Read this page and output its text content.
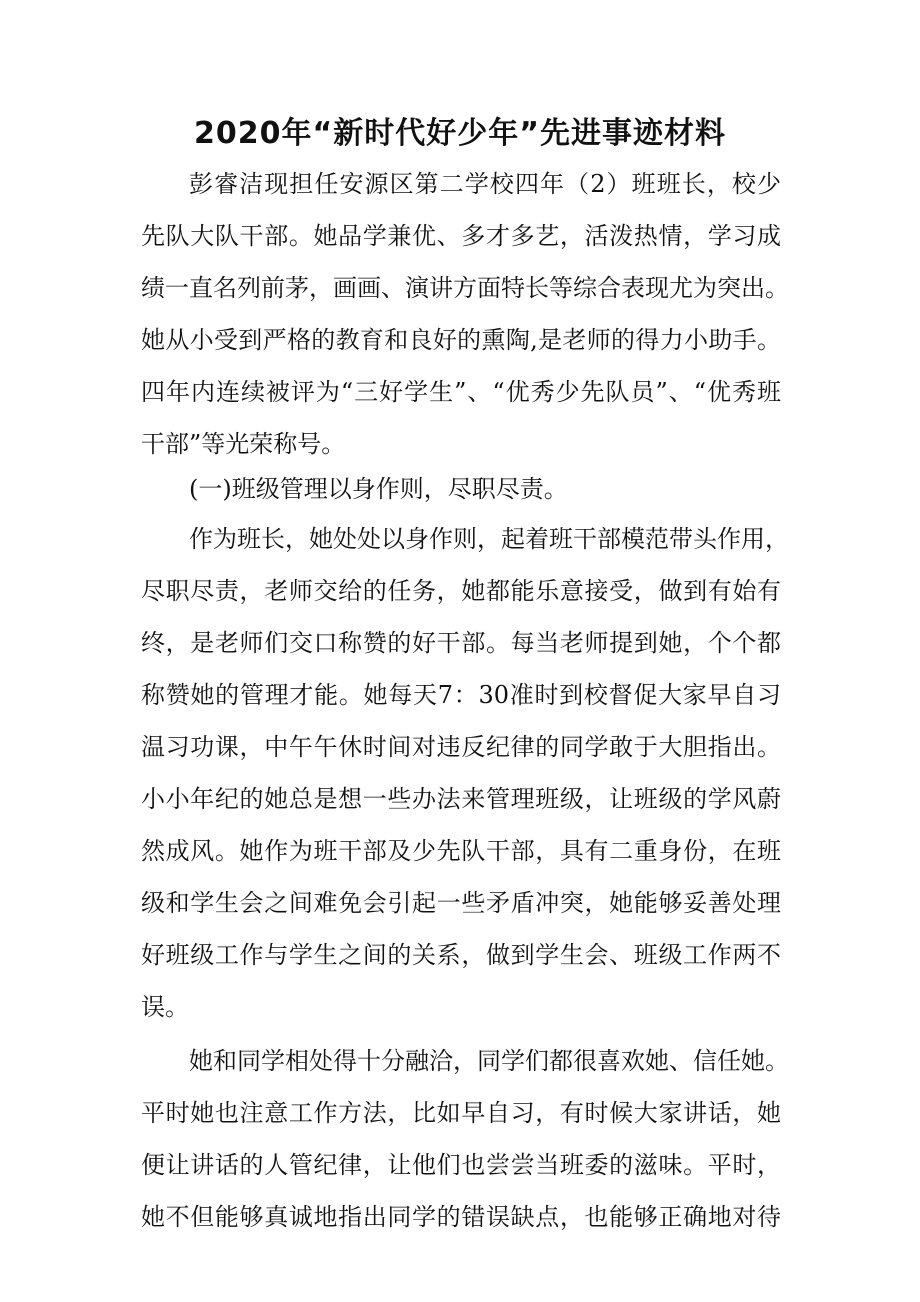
2020年“新时代好少年”先进事迹材料

彭睿洁现担任安源区第二学校四年（2）班班长，校少

先队大队干部。她品学兼优、多才多艺，活泼热情，学习成

绩一直名列前茅，画画、演讲方面特长等综合表现尤为突出。

她从小受到严格的教育和良好的熏陶,是老师的得力小助手。

四年内连续被评为“三好学生”、“优秀少先队员”、“优秀班

干部”等光荣称号。

(一)班级管理以身作则，尽职尽责。

作为班长，她处处以身作则，起着班干部模范带头作用，

尽职尽责，老师交给的任务，她都能乐意接受，做到有始有

终，是老师们交口称赞的好干部。每当老师提到她，个个都

称赞她的管理才能。她每天7：30准时到校督促大家早自习

温习功课，中午午休时间对违反纪律的同学敢于大胆指出。

小小年纪的她总是想一些办法来管理班级，让班级的学风蔚

然成风。她作为班干部及少先队干部，具有二重身份，在班

级和学生会之间难免会引起一些矛盾冲突，她能够妥善处理

好班级工作与学生之间的关系，做到学生会、班级工作两不

误。

她和同学相处得十分融洽，同学们都很喜欢她、信任她。

平时她也注意工作方法，比如早自习，有时候大家讲话，她

便让讲话的人管纪律，让他们也尝尝当班委的滋味。平时，

她不但能够真诚地指出同学的错误缺点，也能够正确地对待
